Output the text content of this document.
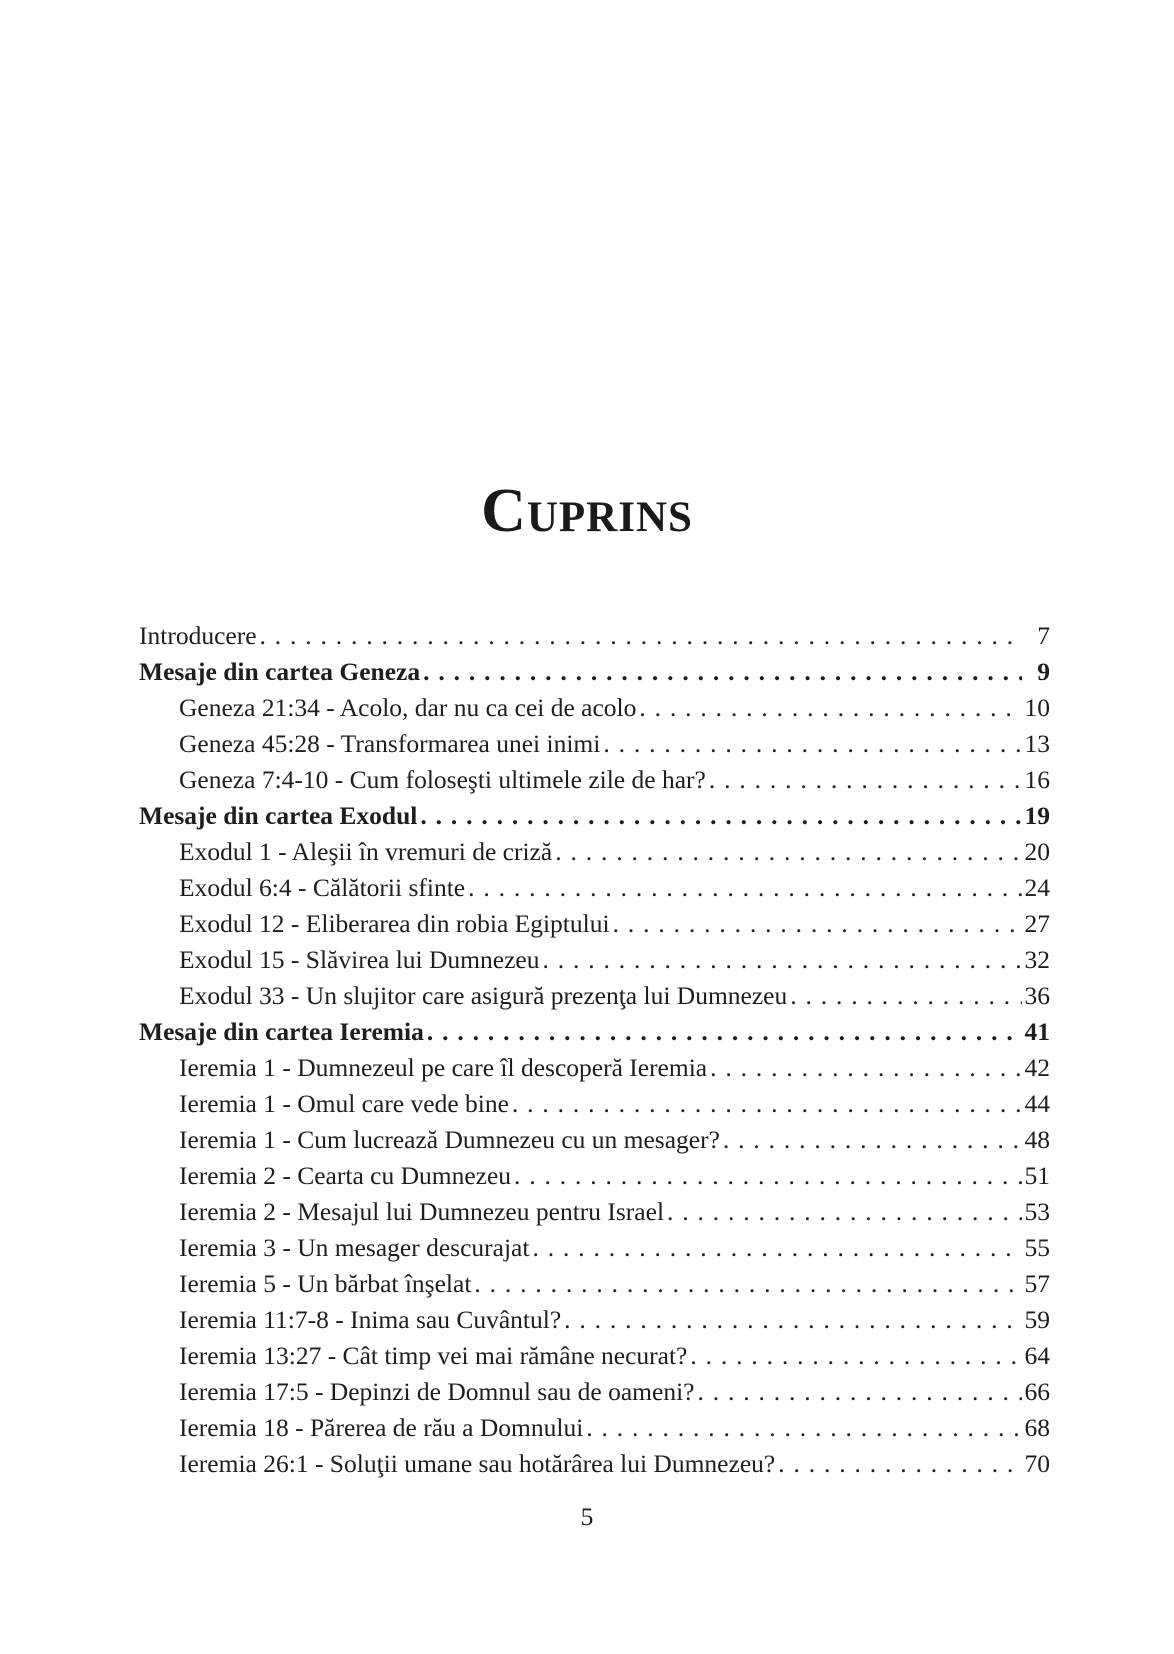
Cuprins
Introducere . . .	7
Mesaje din cartea Geneza . . .	9
Geneza 21:34 - Acolo, dar nu ca cei de acolo . . .	10
Geneza 45:28 - Transformarea unei inimi . . .	13
Geneza 7:4-10 - Cum foloseşti ultimele zile de har? . . .	16
Mesaje din cartea Exodul . . .	19
Exodul 1 - Aleşii în vremuri de criză . . .	20
Exodul 6:4 - Călătorii sfinte . . .	24
Exodul 12 - Eliberarea din robia Egiptului . . .	27
Exodul 15 - Slăvirea lui Dumnezeu . . .	32
Exodul 33 - Un slujitor care asigură prezenţa lui Dumnezeu . . .	36
Mesaje din cartea Ieremia . . .	41
Ieremia 1 - Dumnezeul pe care îl descoperă Ieremia . . .	42
Ieremia 1 - Omul care vede bine . . .	44
Ieremia 1 - Cum lucrează Dumnezeu cu un mesager? . . .	48
Ieremia 2 - Cearta cu Dumnezeu . . .	51
Ieremia 2 - Mesajul lui Dumnezeu pentru Israel . . .	53
Ieremia 3 - Un mesager descurajat . . .	55
Ieremia 5 - Un bărbat înşelat . . .	57
Ieremia 11:7-8 - Inima sau Cuvântul? . . .	59
Ieremia 13:27 - Cât timp vei mai rămâne necurat? . . .	64
Ieremia 17:5 - Depinzi de Domnul sau de oameni? . . .	66
Ieremia 18 - Părerea de rău a Domnului . . .	68
Ieremia 26:1 - Soluţii umane sau hotărârea lui Dumnezeu? . . .	70
5
